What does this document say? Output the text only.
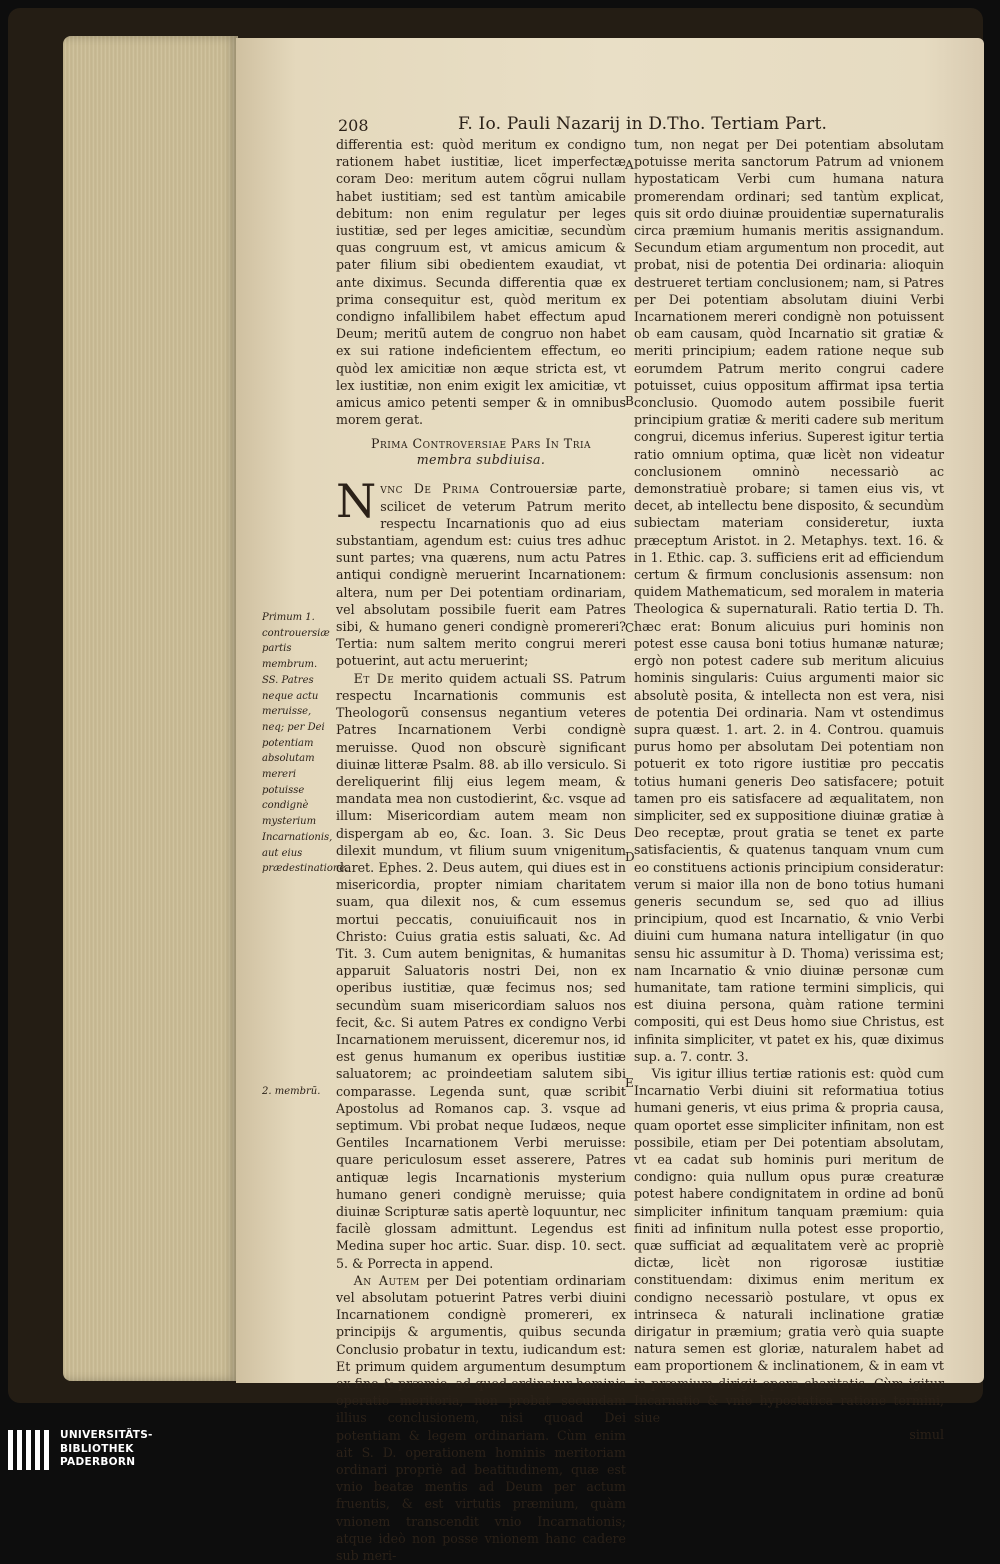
208	F. Io. Pauli Nazarij in D.Tho. Tertiam Part.

differentia est: quòd meritum ex condigno rationem habet iustitiæ, licet imperfectæ coram Deo: meritum autem cõgrui nullam habet iustitiam; sed est tantùm amicabile debitum: non enim regulatur per leges iustitiæ, sed per leges amicitiæ, secundùm quas congruum est, vt amicus amicum & pater filium sibi obedientem exaudiat, vt ante diximus. Secunda differentia quæ ex prima consequitur est, quòd meritum ex condigno infallibilem habet effectum apud Deum; meritũ autem de congruo non habet ex sui ratione indeficientem effectum, eo quòd lex amicitiæ non æque stricta est, vt lex iustitiæ, non enim exigit lex amicitiæ, vt amicus amico petenti semper & in omnibus morem gerat.

Prima Controversiae Pars In Tria
membra subdiuisa.

Nvnc De Prima Controuersiæ parte, scilicet de veterum Patrum merito respectu Incarnationis quo ad eius substantiam, agendum est: cuius tres adhuc sunt partes; vna quærens, num actu Patres antiqui condignè meruerint Incarnationem: altera, num per Dei potentiam ordinariam, vel absolutam possibile fuerit eam Patres sibi, & humano generi condignè promereri? Tertia: num saltem merito congrui mereri potuerint, aut actu meruerint;

Et De merito quidem actuali SS. Patrum respectu Incarnationis communis est Theologorũ consensus negantium veteres Patres Incarnationem Verbi condignè meruisse. Quod non obscurè significant diuinæ litteræ Psalm. 88. ab illo versiculo. Si dereliquerint filij eius legem meam, & mandata mea non custodierint, &c. vsque ad illum: Misericordiam autem meam non dispergam ab eo, &c. Ioan. 3. Sic Deus dilexit mundum, vt filium suum vnigenitum daret. Ephes. 2. Deus autem, qui diues est in misericordia, propter nimiam charitatem suam, qua dilexit nos, & cum essemus mortui peccatis, conuiuificauit nos in Christo: Cuius gratia estis saluati, &c. Ad Tit. 3. Cum autem benignitas, & humanitas apparuit Saluatoris nostri Dei, non ex operibus iustitiæ, quæ fecimus nos; sed secundùm suam misericordiam saluos nos fecit, &c. Si autem Patres ex condigno Verbi Incarnationem meruissent, diceremur nos, id est genus humanum ex operibus iustitiæ saluatorem; ac proindeetiam salutem sibi comparasse. Legenda sunt, quæ scribit Apostolus ad Romanos cap. 3. vsque ad septimum. Vbi probat neque Iudæos, neque Gentiles Incarnationem Verbi meruisse: quare periculosum esset asserere, Patres antiquæ legis Incarnationis mysterium humano generi condignè meruisse; quia diuinæ Scripturæ satis apertè loquuntur, nec facilè glossam admittunt. Legendus est Medina super hoc artic. Suar. disp. 10. sect. 5. & Porrecta in append.

An Autem per Dei potentiam ordinariam vel absolutam potuerint Patres verbi diuini Incarnationem condignè promereri, ex principijs & argumentis, quibus secunda Conclusio probatur in textu, iudicandum est: Et primum quidem argumentum desumptum ex fine & præmio, ad quod ordinatur hominis operatio meritoria, non probat secundam illius conclusionem, nisi quoad Dei potentiam & legem ordinariam. Cùm enim ait S. D. operationem hominis meritoriam ordinari propriè ad beatitudinem, quæ est vnio beatæ mentis ad Deum per actum fruentis, & est virtutis præmium, quàm vnionem transcendit vnio Incarnationis; atque ideò non posse vnionem hanc cadere sub meri-

Primum 1. controuersiæ partis membrum. SS. Patres neque actu meruisse, neq; per Dei potentiam absolutam mereri potuisse condignè mysterium Incarnationis, aut eius prædestinatione.
2. membrũ.
A
B
C
D
E

tum, non negat per Dei potentiam absolutam potuisse merita sanctorum Patrum ad vnionem hypostaticam Verbi cum humana natura promerendam ordinari; sed tantùm explicat, quis sit ordo diuinæ prouidentiæ supernaturalis circa præmium humanis meritis assignandum. Secundum etiam argumentum non procedit, aut probat, nisi de potentia Dei ordinaria: alioquin destrueret tertiam conclusionem; nam, si Patres per Dei potentiam absolutam diuini Verbi Incarnationem mereri condignè non potuissent ob eam causam, quòd Incarnatio sit gratiæ & meriti principium; eadem ratione neque sub eorumdem Patrum merito congrui cadere potuisset, cuius oppositum affirmat ipsa tertia conclusio. Quomodo autem possibile fuerit principium gratiæ & meriti cadere sub meritum congrui, dicemus inferius. Superest igitur tertia ratio omnium optima, quæ licèt non videatur conclusionem omninò necessariò ac demonstratiuè probare; si tamen eius vis, vt decet, ab intellectu bene disposito, & secundùm subiectam materiam consideretur, iuxta præceptum Aristot. in 2. Metaphys. text. 16. & in 1. Ethic. cap. 3. sufficiens erit ad efficiendum certum & firmum conclusionis assensum: non quidem Mathematicum, sed moralem in materia Theologica & supernaturali. Ratio tertia D. Th. hæc erat: Bonum alicuius puri hominis non potest esse causa boni totius humanæ naturæ; ergò non potest cadere sub meritum alicuius hominis singularis: Cuius argumenti maior sic absolutè posita, & intellecta non est vera, nisi de potentia Dei ordinaria. Nam vt ostendimus supra quæst. 1. art. 2. in 4. Controu. quamuis purus homo per absolutam Dei potentiam non potuerit ex toto rigore iustitiæ pro peccatis totius humani generis Deo satisfacere; potuit tamen pro eis satisfacere ad æqualitatem, non simpliciter, sed ex suppositione diuinæ gratiæ à Deo receptæ, prout gratia se tenet ex parte satisfacientis, & quatenus tanquam vnum cum eo constituens actionis principium consideratur: verum si maior illa non de bono totius humani generis secundum se, sed quo ad illius principium, quod est Incarnatio, & vnio Verbi diuini cum humana natura intelligatur (in quo sensu hic assumitur à D. Thoma) verissima est; nam Incarnatio & vnio diuinæ personæ cum humanitate, tam ratione termini simplicis, qui est diuina persona, quàm ratione termini compositi, qui est Deus homo siue Christus, est infinita simpliciter, vt patet ex his, quæ diximus sup. a. 7. contr. 3.

Vis igitur illius tertiæ rationis est: quòd cum Incarnatio Verbi diuini sit reformatiua totius humani generis, vt eius prima & propria causa, quam oportet esse simpliciter infinitam, non est possibile, etiam per Dei potentiam absolutam, vt ea cadat sub hominis puri meritum de condigno: quia nullum opus puræ creaturæ potest habere condignitatem in ordine ad bonũ simpliciter infinitum tanquam præmium: quia finiti ad infinitum nulla potest esse proportio, quæ sufficiat ad æqualitatem verè ac propriè dictæ, licèt non rigorosæ iustitiæ constituendam: diximus enim meritum ex condigno necessariò postulare, vt opus ex intrinseca & naturali inclinatione gratiæ dirigatur in præmium; gratia verò quia suapte natura semen est gloriæ, naturalem habet ad eam proportionem & inclinationem, & in eam vt in præmium dirigit opera charitatis. Cùm igitur Incarnatio & vnio hypostatica ratione termini, siue

simul

UNIVERSITÄTS-
BIBLIOTHEK
PADERBORN
